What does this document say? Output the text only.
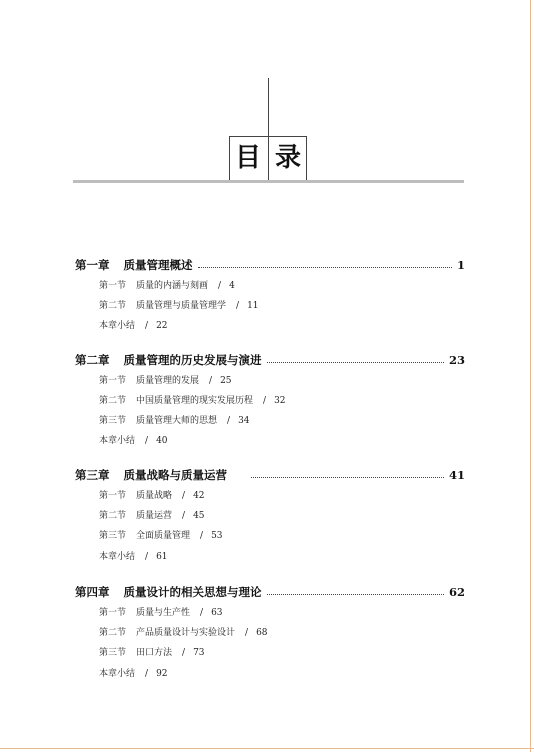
目 录
第一章 质量管理概述	1
第一节 质量的内涵与刻画 / 4
第二节 质量管理与质量管理学 / 11
本章小结 / 22
第二章 质量管理的历史发展与演进	23
第一节 质量管理的发展 / 25
第二节 中国质量管理的现实发展历程 / 32
第三节 质量管理大师的思想 / 34
本章小结 / 40
第三章 质量战略与质量运营	41
第一节 质量战略 / 42
第二节 质量运营 / 45
第三节 全面质量管理 / 53
本章小结 / 61
第四章 质量设计的相关思想与理论	62
第一节 质量与生产性 / 63
第二节 产品质量设计与实验设计 / 68
第三节 田口方法 / 73
本章小结 / 92
